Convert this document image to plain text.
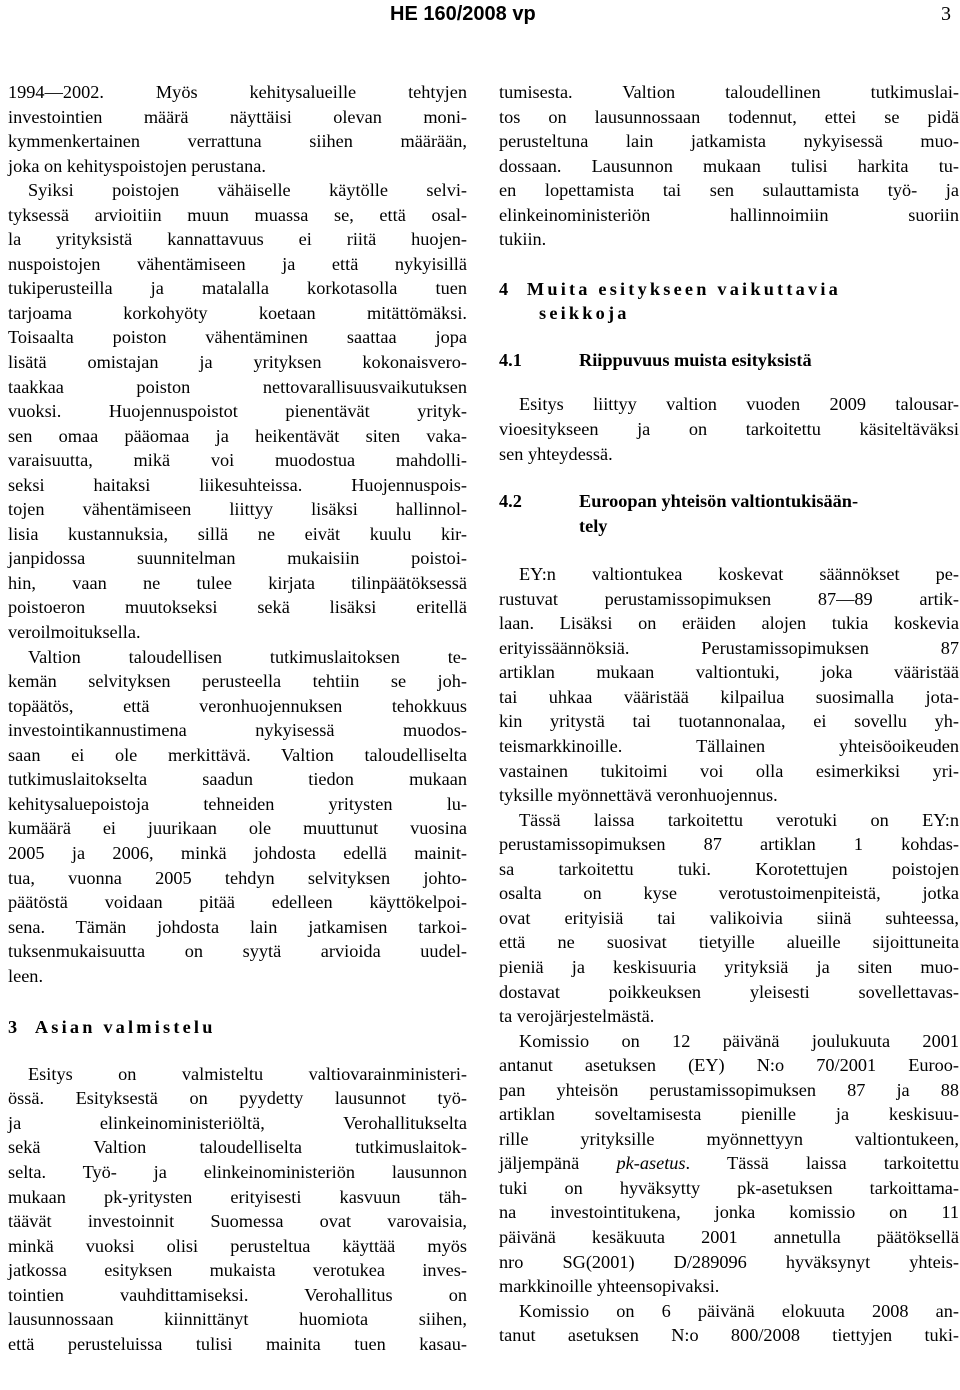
HE 160/2008 vp	3
1994—2002. Myös kehitysalueille tehtyjen
investointien määrä näyttäisi olevan moni-
kymmenkertainen verrattuna siihen määrään,
joka on kehityspoistojen perustana.
Syiksi poistojen vähäiselle käytölle selvi-
tyksessä arvioitiin muun muassa se, että osal-
la yrityksistä kannattavuus ei riitä huojen-
nuspoistojen vähentämiseen ja että nykyisillä
tukiperusteilla ja matalalla korkotasolla tuen
tarjoama korkohyöty koetaan mitättömäksi.
Toisaalta poiston vähentäminen saattaa jopa
lisätä omistajan ja yrityksen kokonaisvero-
taakkaa poiston nettovarallisuusvaikutuksen
vuoksi. Huojennuspoistot pienentävät yrityk-
sen omaa pääomaa ja heikentävät siten vaka-
varaisuutta, mikä voi muodostua mahdolli-
seksi haitaksi liikesuhteissa. Huojennuspois-
tojen vähentämiseen liittyy lisäksi hallinnol-
lisia kustannuksia, sillä ne eivät kuulu kir-
janpidossa suunnitelman mukaisiin poistoi-
hin, vaan ne tulee kirjata tilinpäätöksessä
poistoeron muutokseksi sekä lisäksi eritellä
veroilmoituksella.
Valtion taloudellisen tutkimuslaitoksen te-
kemän selvityksen perusteella tehtiin se joh-
topäätös, että veronhuojennuksen tehokkuus
investointikannustimena nykyisessä muodos-
saan ei ole merkittävä. Valtion taloudelliselta
tutkimuslaitokselta saadun tiedon mukaan
kehitysaluepoistoja tehneiden yritysten lu-
kumäärä ei juurikaan ole muuttunut vuosina
2005 ja 2006, minkä johdosta edellä mainit-
tua, vuonna 2005 tehdyn selvityksen johto-
päätöstä voidaan pitää edelleen käyttökelpoi-
sena. Tämän johdosta lain jatkamisen tarkoi-
tuksenmukaisuutta on syytä arvioida uudel-
leen.
3  Asian valmistelu
Esitys on valmisteltu valtiovarainministeri-
össä. Esityksestä on pyydetty lausunnot työ-
ja elinkeinoministeriöltä, Verohallitukselta
sekä Valtion taloudelliselta tutkimuslaitok-
selta. Työ- ja elinkeinoministeriön lausunnon
mukaan pk-yritysten erityisesti kasvuun täh-
täävät investoinnit Suomessa ovat varovaisia,
minkä vuoksi olisi perusteltua käyttää myös
jatkossa esityksen mukaista verotukea inves-
tointien vauhdittamiseksi. Verohallitus on
lausunnossaan kiinnittänyt huomiota siihen,
että perusteluissa tulisi mainita tuen kasau-
tumisesta. Valtion taloudellinen tutkimuslai-
tos on lausunnossaan todennut, ettei se pidä
perusteltuna lain jatkamista nykyisessä muo-
dossaan. Lausunnon mukaan tulisi harkita tu-
en lopettamista tai sen sulauttamista työ- ja
elinkeinoministeriön hallinnoimiin suoriin
tukiin.
4  Muita esitykseen vaikuttavia
seikkoja
4.1	Riippuvuus muista esityksistä
Esitys liittyy valtion vuoden 2009 talousar-
vioesitykseen ja on tarkoitettu käsiteltäväksi
sen yhteydessä.
4.2	Euroopan yhteisön valtiontukisään-
tely
EY:n valtiontukea koskevat säännökset pe-
rustuvat perustamissopimuksen 87—89 artik-
laan. Lisäksi on eräiden alojen tukia koskevia
erityissäännöksiä. Perustamissopimuksen 87
artiklan mukaan valtiontuki, joka vääristää
tai uhkaa vääristää kilpailua suosimalla jota-
kin yritystä tai tuotannonalaa, ei sovellu yh-
teismarkkinoille. Tällainen yhteisöoikeuden
vastainen tukitoimi voi olla esimerkiksi yri-
tyksille myönnettävä veronhuojennus.
Tässä laissa tarkoitettu verotuki on EY:n
perustamissopimuksen 87 artiklan 1 kohdas-
sa tarkoitettu tuki. Korotettujen poistojen
osalta on kyse verotustoimenpiteistä, jotka
ovat erityisiä tai valikoivia siinä suhteessa,
että ne suosivat tietyille alueille sijoittuneita
pieniä ja keskisuuria yrityksiä ja siten muo-
dostavat poikkeuksen yleisesti sovellettavas-
ta verojärjestelmästä.
Komissio on 12 päivänä joulukuuta 2001
antanut asetuksen (EY) N:o 70/2001 Euroo-
pan yhteisön perustamissopimuksen 87 ja 88
artiklan soveltamisesta pienille ja keskisuu-
rille yrityksille myönnettyyn valtiontukeen,
jäljempänä pk-asetus. Tässä laissa tarkoitettu
tuki on hyväksytty pk-asetuksen tarkoittama-
na investointitukena, jonka komissio on 11
päivänä kesäkuuta 2001 annetulla päätöksellä
nro SG(2001) D/289096 hyväksynyt yhteis-
markkinoille yhteensopivaksi.
Komissio on 6 päivänä elokuuta 2008 an-
tanut asetuksen N:o 800/2008 tiettyjen tuki-
